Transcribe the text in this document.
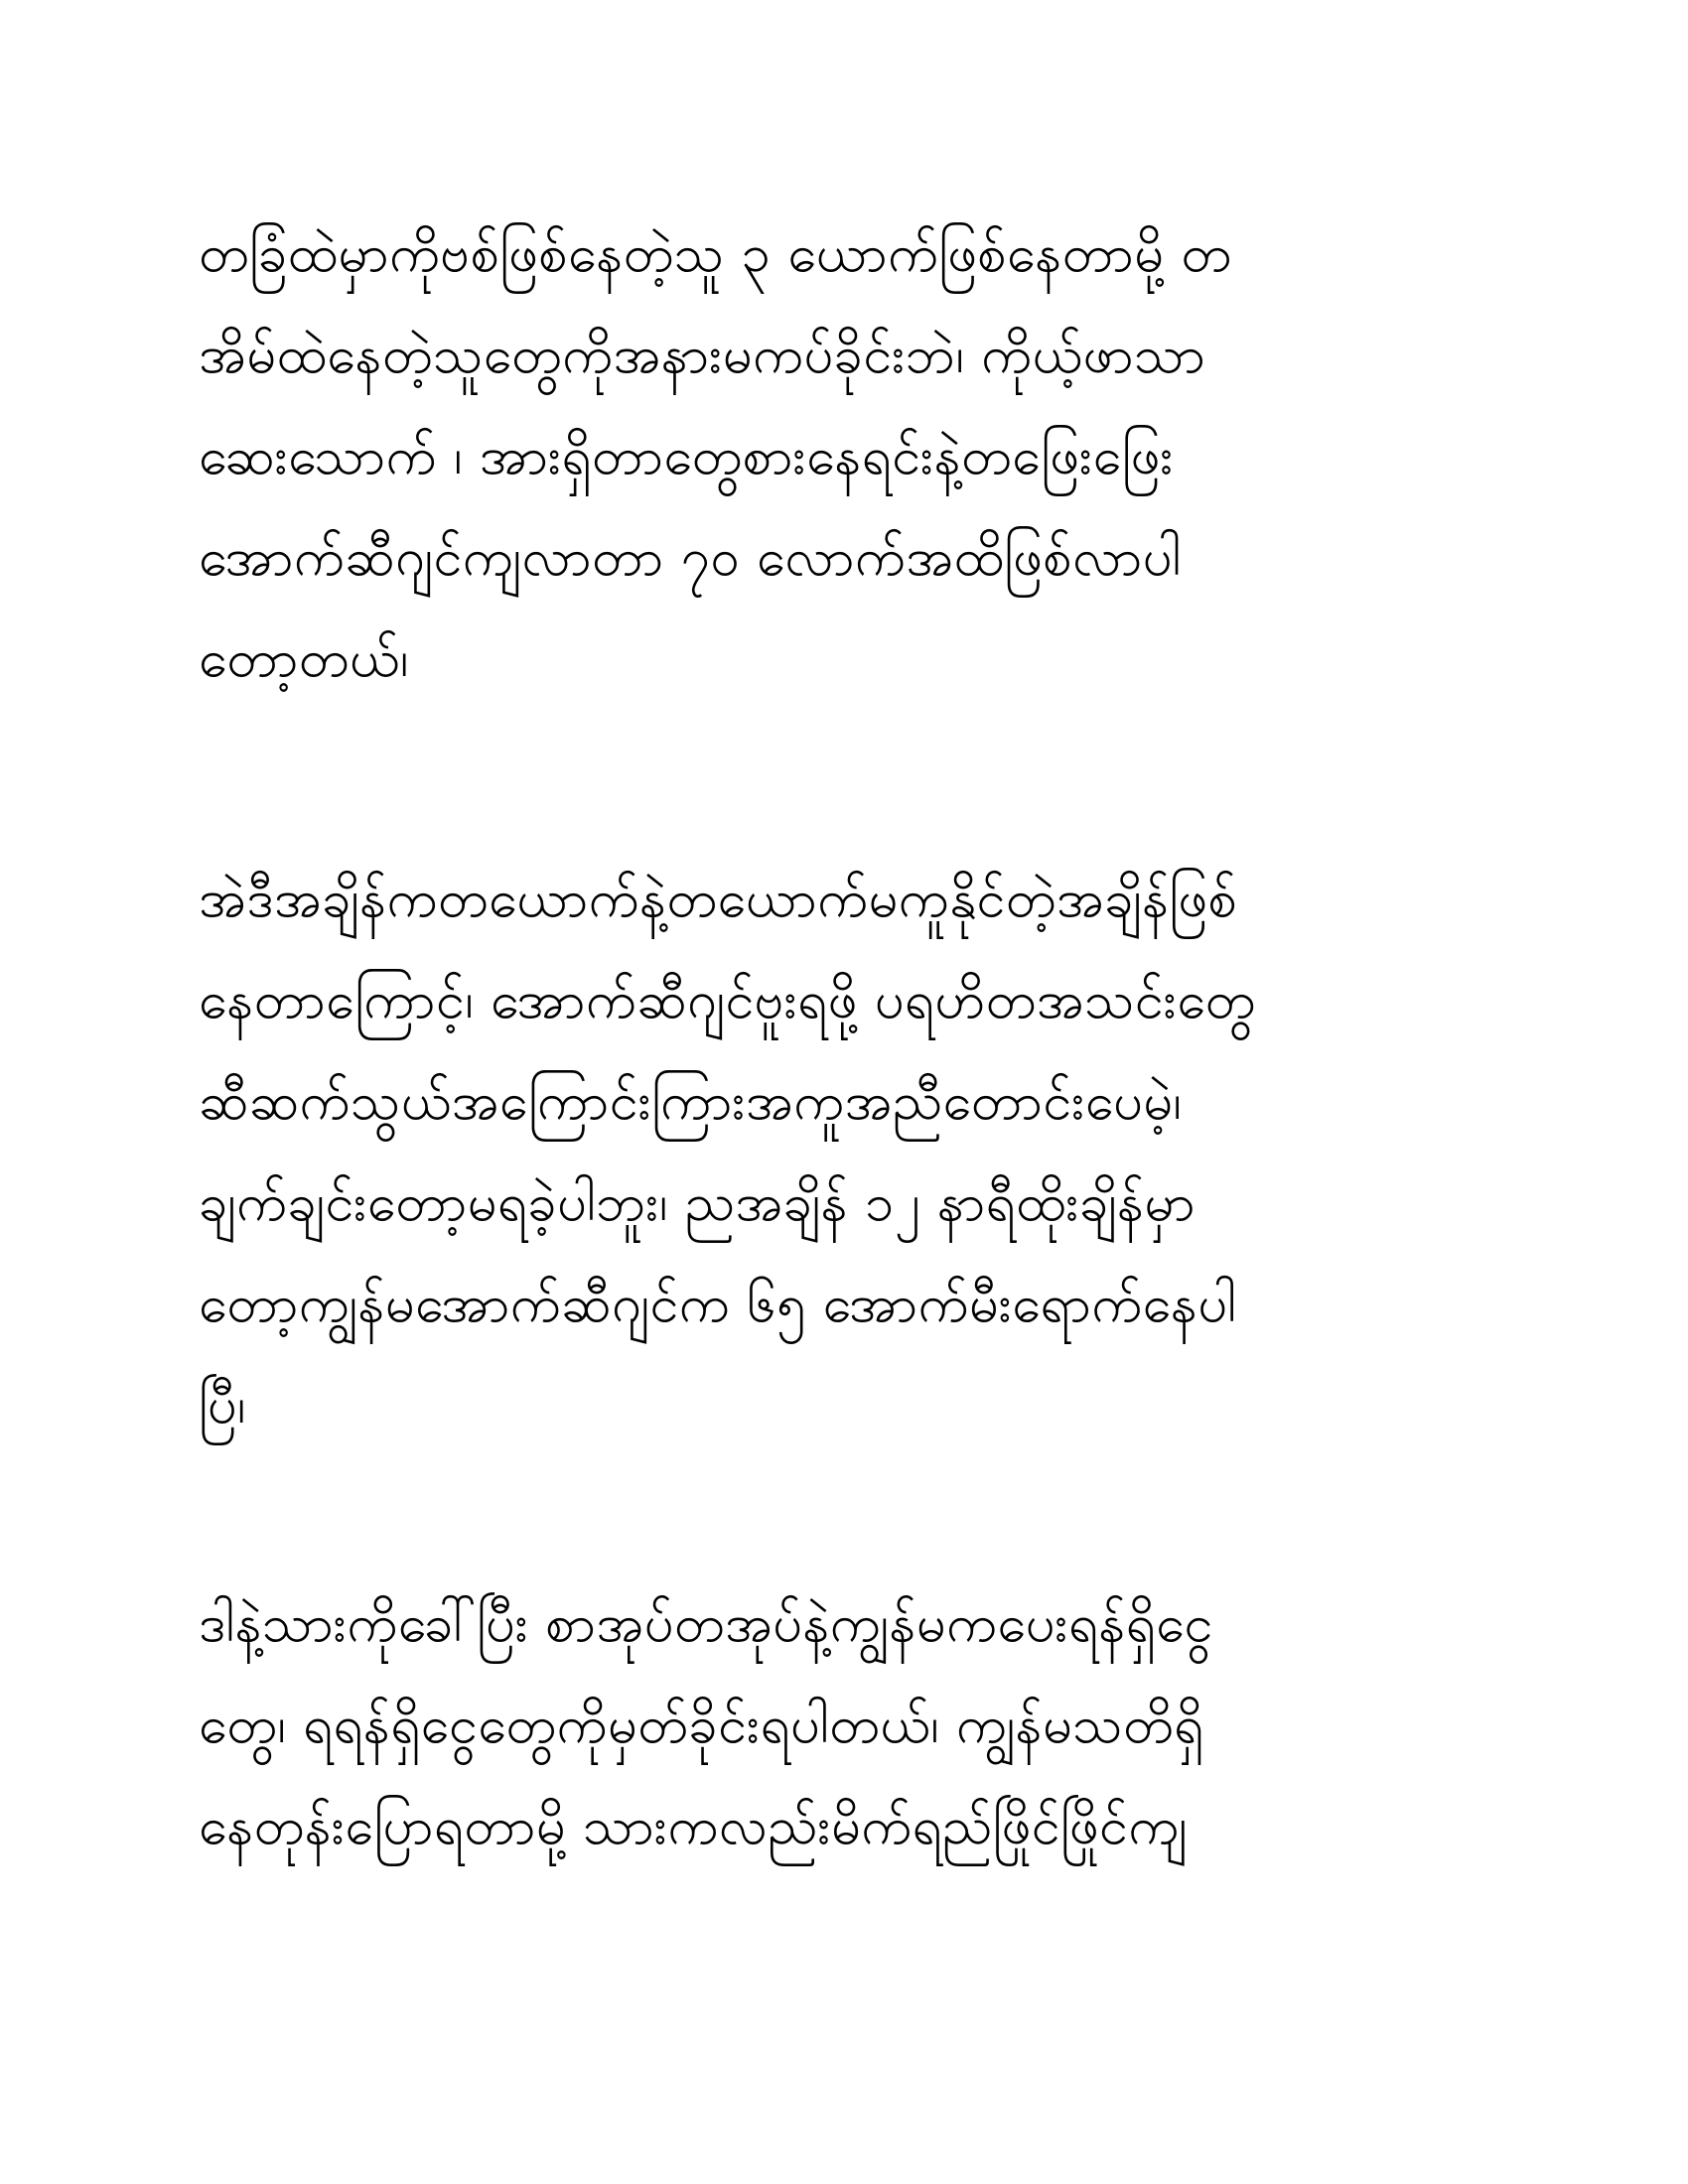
တခြံထဲမှာကိုဗစ်ဖြစ်နေတဲ့သူ ၃ ယောက်ဖြစ်နေတာမို့ တ
အိမ်ထဲနေတဲ့သူတွေကိုအနားမကပ်ခိုင်းဘဲ၊ ကိုယ့်ဖာသာ
ဆေးသောက် ၊ အားရှိတာတွေစားနေရင်းနဲ့တဖြေးဖြေး
အောက်ဆီဂျင်ကျလာတာ ၇၀ လောက်အထိဖြစ်လာပါ
တော့တယ်၊
အဲဒီအချိန်ကတယောက်နဲ့တယောက်မကူနိုင်တဲ့အချိန်ဖြစ်
နေတာကြောင့်၊ အောက်ဆီဂျင်ဗူးရဖို့ ပရဟိတအသင်းတွေ
ဆီဆက်သွယ်အကြောင်းကြားအကူအညီတောင်းပေမဲ့၊
ချက်ချင်းတော့မရခဲ့ပါဘူး၊ ညအချိန် ၁၂ နာရီထိုးချိန်မှာ
တော့ကျွန်မအောက်ဆီဂျင်က ၆၅ အောက်မီးရောက်နေပါ
ပြီ၊
ဒါနဲ့သားကိုခေါ်ပြီး စာအုပ်တအုပ်နဲ့ကျွန်မကပေးရန်ရှိငွေ
တွေ၊ ရရန်ရှိငွေတွေကိုမှတ်ခိုင်းရပါတယ်၊ ကျွန်မသတိရှိ
နေတုန်းပြောရတာမို့ သားကလည်းမိက်ရည်ဖြိုင်ဖြိုင်ကျ
